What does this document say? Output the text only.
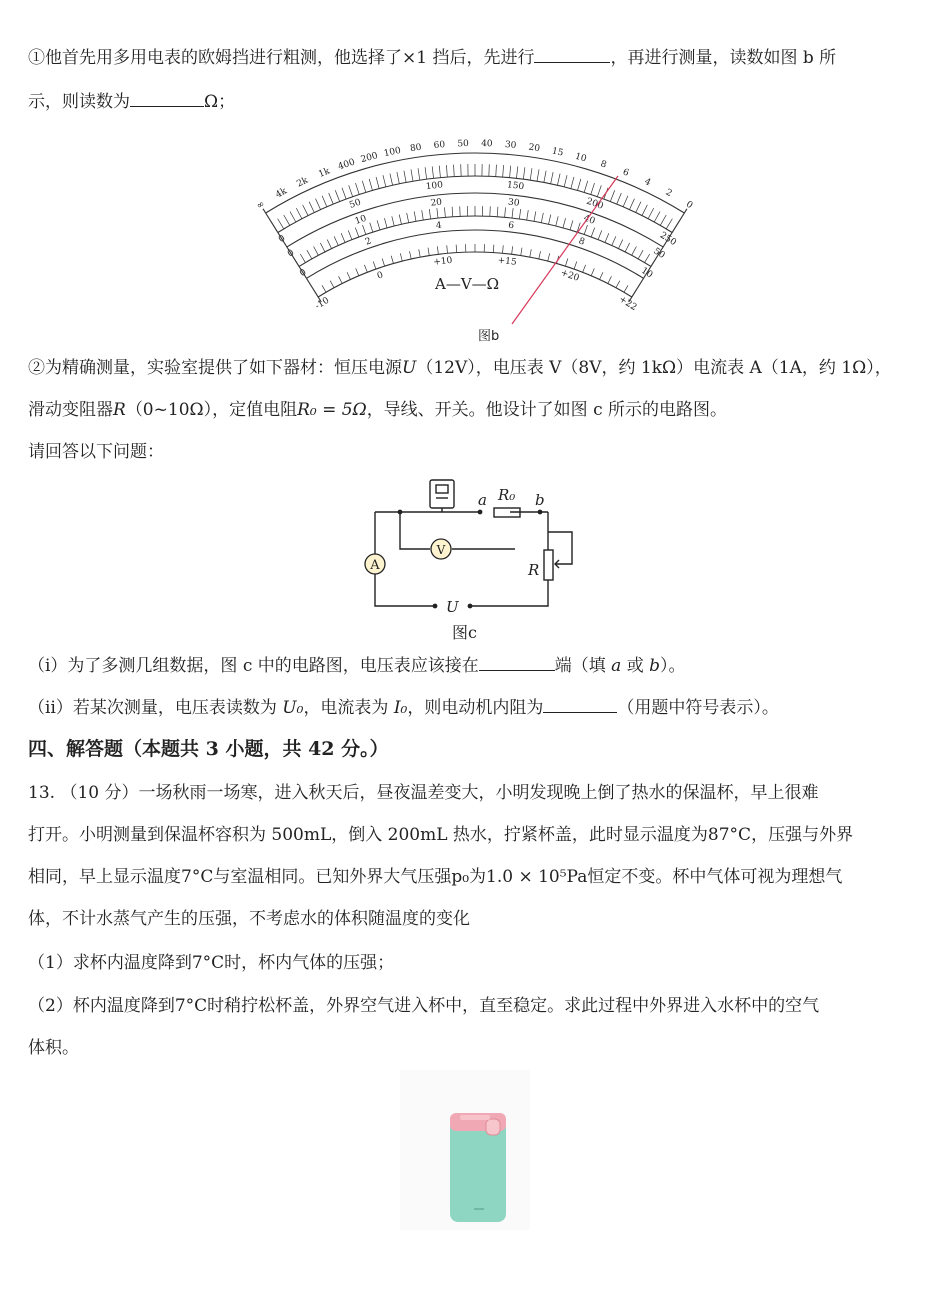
①他首先用多用电表的欧姆挡进行粗测，他选择了×1 挡后，先进行	，再进行测量，读数如图 b 所
示，则读数为	Ω；
A—V—Ω
∞
4k
2k
1k
400 200 100 80 60 50 40 30 20 15 10
8
6
4
2
0
0
50
100	150
200
250
0
10
20	30
40
50
0
2
4	6
8
10
-10
0
+10	+15
+20
+22
图b
②为精确测量，实验室提供了如下器材：恒压电源U（12V），电压表 V（8V，约 1kΩ）电流表 A（1A，约 1Ω），
滑动变阻器R（0~10Ω），定值电阻R₀ = 5Ω，导线、开关。他设计了如图 c 所示的电路图。
请回答以下问题：
A
V
a R₀ b
R
U
图c
（ⅰ）为了多测几组数据，图 c 中的电路图，电压表应该接在	端（填 a 或 b）。
（ⅱ）若某次测量，电压表读数为 U₀，电流表为 I₀，则电动机内阻为	（用题中符号表示）。
四、解答题（本题共 3 小题，共 42 分。）
13. （10 分）一场秋雨一场寒，进入秋天后，昼夜温差变大，小明发现晚上倒了热水的保温杯，早上很难
打开。小明测量到保温杯容积为 500mL，倒入 200mL 热水，拧紧杯盖，此时显示温度为87°C，压强与外界
相同，早上显示温度7°C与室温相同。已知外界大气压强p₀为1.0 × 10⁵Pa恒定不变。杯中气体可视为理想气
体，不计水蒸气产生的压强，不考虑水的体积随温度的变化
（1）求杯内温度降到7°C时，杯内气体的压强；
（2）杯内温度降到7°C时稍拧松杯盖，外界空气进入杯中，直至稳定。求此过程中外界进入水杯中的空气
体积。
